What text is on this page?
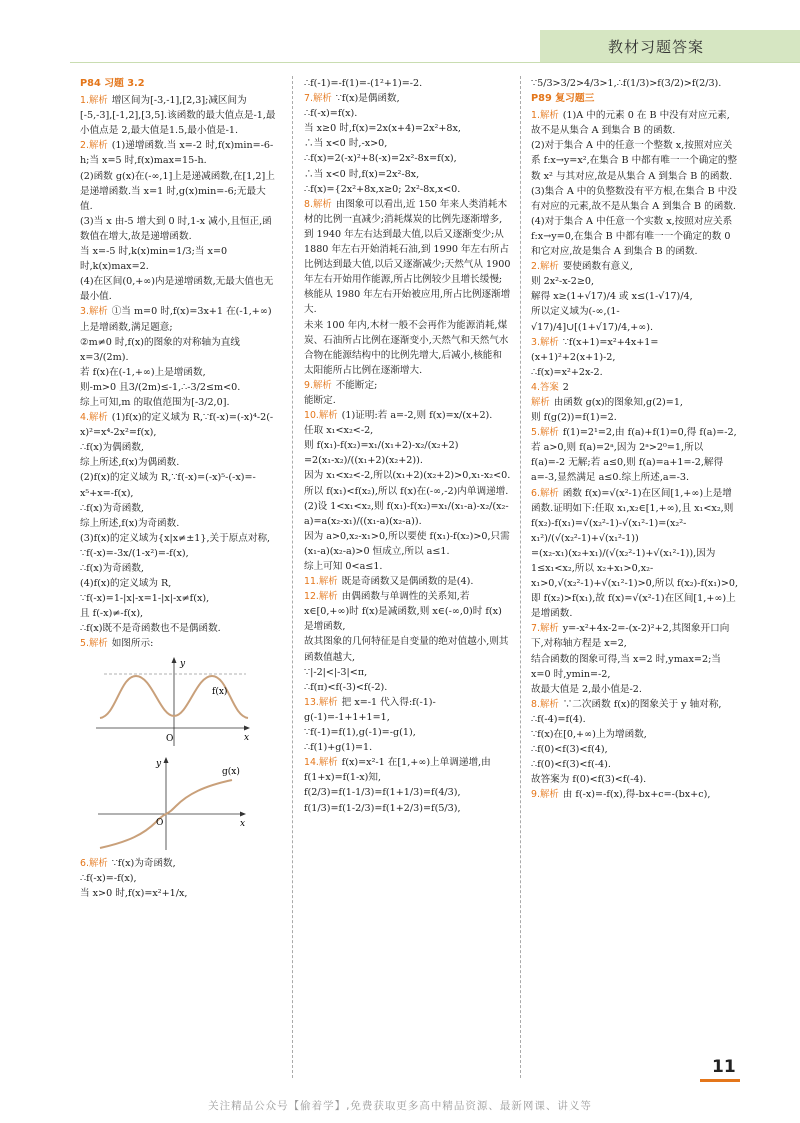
教材习题答案

P84 习题 3.2

1.解析 增区间为[-3,-1],[2,3];减区间为[-5,-3],[-1,2],[3,5].该函数的最大值点是-1,最小值点是 2,最大值是1.5,最小值是-1.

2.解析 (1)递增函数.当 x=-2 时,f(x)min=-6-h;当 x=5 时,f(x)max=15-h.

(2)函数 g(x)在(-∞,1]上是递减函数,在[1,2]上是递增函数.当 x=1 时,g(x)min=-6;无最大值.

(3)当 x 由-5 增大到 0 时,1-x 减小,且恒正,函数值在增大,故是递增函数.

当 x=-5 时,k(x)min=1/3;当 x=0 时,k(x)max=2.

(4)在区间(0,+∞)内是递增函数,无最大值也无最小值.

3.解析 ①当 m=0 时,f(x)=3x+1 在(-1,+∞)上是增函数,满足题意;

②m≠0 时,f(x)的图象的对称轴为直线 x=3/(2m).

若 f(x)在(-1,+∞)上是增函数,

则-m>0 且3/(2m)≤-1,∴-3/2≤m<0.

综上可知,m 的取值范围为[-3/2,0].

4.解析 (1)f(x)的定义域为 R,∵f(-x)=(-x)⁴-2(-x)²=x⁴-2x²=f(x),

∴f(x)为偶函数,

综上所述,f(x)为偶函数.

(2)f(x)的定义域为 R,∵f(-x)=(-x)⁵-(-x)=-x⁵+x=-f(x),

∴f(x)为奇函数,

综上所述,f(x)为奇函数.

(3)f(x)的定义域为{x|x≠±1},关于原点对称,

∵f(-x)=-3x/(1-x²)=-f(x),

∴f(x)为奇函数,

(4)f(x)的定义域为 R,

∵f(-x)=1-|x|-x=1-|x|-x≠f(x),

且 f(-x)≠-f(x),

∴f(x)既不是奇函数也不是偶函数.

5.解析 如图所示:

f(x)
O
y
x
g(x)
O
y
x

6.解析 ∵f(x)为奇函数,

∴f(-x)=-f(x),

当 x>0 时,f(x)=x²+1/x,

∴f(-1)=-f(1)=-(1²+1)=-2.

7.解析 ∵f(x)是偶函数,

∴f(-x)=f(x).

当 x≥0 时,f(x)=2x(x+4)=2x²+8x,

∴当 x<0 时,-x>0,

∴f(x)=2(-x)²+8(-x)=2x²-8x=f(x),

∴当 x<0 时,f(x)=2x²-8x,

∴f(x)={2x²+8x,x≥0; 2x²-8x,x<0.

8.解析 由图象可以看出,近 150 年来人类消耗木材的比例一直减少;消耗煤炭的比例先逐渐增多,到 1940 年左右达到最大值,以后又逐渐变少;从 1880 年左右开始消耗石油,到 1990 年左右所占比例达到最大值,以后又逐渐减少;天然气从 1900 年左右开始用作能源,所占比例较少且增长缓慢;核能从 1980 年左右开始被应用,所占比例逐渐增大.

未来 100 年内,木材一般不会再作为能源消耗,煤炭、石油所占比例在逐渐变小,天然气和天然气水合物在能源结构中的比例先增大,后减小,核能和太阳能所占比例在逐渐增大.

9.解析 不能断定;

能断定.

10.解析 (1)证明:若 a=-2,则 f(x)=x/(x+2).

任取 x₁<x₂<-2,

则 f(x₁)-f(x₂)=x₁/(x₁+2)-x₂/(x₂+2)

=2(x₁-x₂)/((x₁+2)(x₂+2)).

因为 x₁<x₂<-2,所以(x₁+2)(x₂+2)>0,x₁-x₂<0.

所以 f(x₁)<f(x₂),所以 f(x)在(-∞,-2)内单调递增.

(2)设 1<x₁<x₂,则 f(x₁)-f(x₂)=x₁/(x₁-a)-x₂/(x₂-a)=a(x₂-x₁)/((x₁-a)(x₂-a)).

因为 a>0,x₂-x₁>0,所以要使 f(x₁)-f(x₂)>0,只需(x₁-a)(x₂-a)>0 恒成立,所以 a≤1.

综上可知 0<a≤1.

11.解析 既是奇函数又是偶函数的是(4).

12.解析 由偶函数与单调性的关系知,若 x∈[0,+∞)时 f(x)是减函数,则 x∈(-∞,0)时 f(x)是增函数,

故其图象的几何特征是自变量的绝对值越小,则其函数值越大,

∵|-2|<|-3|<π,

∴f(π)<f(-3)<f(-2).

13.解析 把 x=-1 代入得:f(-1)-g(-1)=-1+1+1=1,

∵f(-1)=f(1),g(-1)=-g(1),

∴f(1)+g(1)=1.

14.解析 f(x)=x²-1 在[1,+∞)上单调递增,由 f(1+x)=f(1-x)知,

f(2/3)=f(1-1/3)=f(1+1/3)=f(4/3),

f(1/3)=f(1-2/3)=f(1+2/3)=f(5/3),

∵5/3>3/2>4/3>1,∴f(1/3)>f(3/2)>f(2/3).

P89 复习题三

1.解析 (1)A 中的元素 0 在 B 中没有对应元素,故不是从集合 A 到集合 B 的函数.

(2)对于集合 A 中的任意一个整数 x,按照对应关系 f:x→y=x²,在集合 B 中都有唯一一个确定的整数 x² 与其对应,故是从集合 A 到集合 B 的函数.

(3)集合 A 中的负整数没有平方根,在集合 B 中没有对应的元素,故不是从集合 A 到集合 B 的函数.

(4)对于集合 A 中任意一个实数 x,按照对应关系 f:x→y=0,在集合 B 中都有唯一一个确定的数 0 和它对应,故是集合 A 到集合 B 的函数.

2.解析 要使函数有意义,

则 2x²-x-2≥0,

解得 x≥(1+√17)/4 或 x≤(1-√17)/4,

所以定义域为(-∞,(1-√17)/4]∪[(1+√17)/4,+∞).

3.解析 ∵f(x+1)=x²+4x+1=(x+1)²+2(x+1)-2,

∴f(x)=x²+2x-2.

4.答案 2

解析 由函数 g(x)的图象知,g(2)=1,

则 f(g(2))=f(1)=2.

5.解析 f(1)=2¹=2,由 f(a)+f(1)=0,得 f(a)=-2,若 a>0,则 f(a)=2ᵃ,因为 2ᵃ>2⁰=1,所以 f(a)=-2 无解;若 a≤0,则 f(a)=a+1=-2,解得 a=-3,显然满足 a≤0.综上所述,a=-3.

6.解析 函数 f(x)=√(x²-1)在区间[1,+∞)上是增函数.证明如下:任取 x₁,x₂∈[1,+∞),且 x₁<x₂,则 f(x₂)-f(x₁)=√(x₂²-1)-√(x₁²-1)=(x₂²-x₁²)/(√(x₂²-1)+√(x₁²-1))

=(x₂-x₁)(x₂+x₁)/(√(x₂²-1)+√(x₁²-1)),因为 1≤x₁<x₂,所以 x₂+x₁>0,x₂-x₁>0,√(x₂²-1)+√(x₁²-1)>0,所以 f(x₂)-f(x₁)>0,即 f(x₂)>f(x₁),故 f(x)=√(x²-1)在区间[1,+∞)上是增函数.

7.解析 y=-x²+4x-2=-(x-2)²+2,其图象开口向下,对称轴方程是 x=2,

结合函数的图象可得,当 x=2 时,ymax=2;当 x=0 时,ymin=-2,

故最大值是 2,最小值是-2.

8.解析 ∵二次函数 f(x)的图象关于 y 轴对称,

∴f(-4)=f(4).

∵f(x)在[0,+∞)上为增函数,

∴f(0)<f(3)<f(4),

∴f(0)<f(3)<f(-4).

故答案为 f(0)<f(3)<f(-4).

9.解析 由 f(-x)=-f(x),得-bx+c=-(bx+c),

11
关注精品公众号【偷着学】,免费获取更多高中精品资源、最新网课、讲义等
